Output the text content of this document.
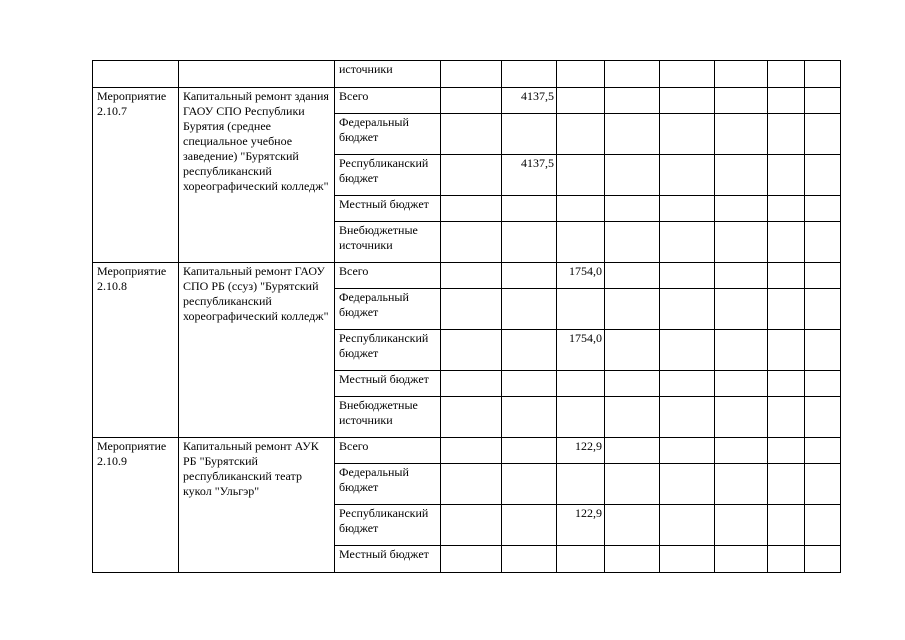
		источники								
Мероприятие 2.10.7	Капитальный ремонт здания ГАОУ СПО Республики Бурятия (среднее специальное учебное заведение) "Бурятский республиканский хореографический колледж"	Всего		4137,5						
		Федеральный бюджет								
		Республиканский бюджет		4137,5						
		Местный бюджет								
		Внебюджетные источники								
Мероприятие 2.10.8	Капитальный ремонт ГАОУ СПО РБ (ссуз) "Бурятский республиканский хореографический колледж"	Всего			1754,0					
		Федеральный бюджет								
		Республиканский бюджет			1754,0					
		Местный бюджет								
		Внебюджетные источники								
Мероприятие 2.10.9	Капитальный ремонт АУК РБ "Бурятский республиканский театр кукол "Ульгэр"	Всего			122,9					
		Федеральный бюджет								
		Республиканский бюджет			122,9					
		Местный бюджет								
